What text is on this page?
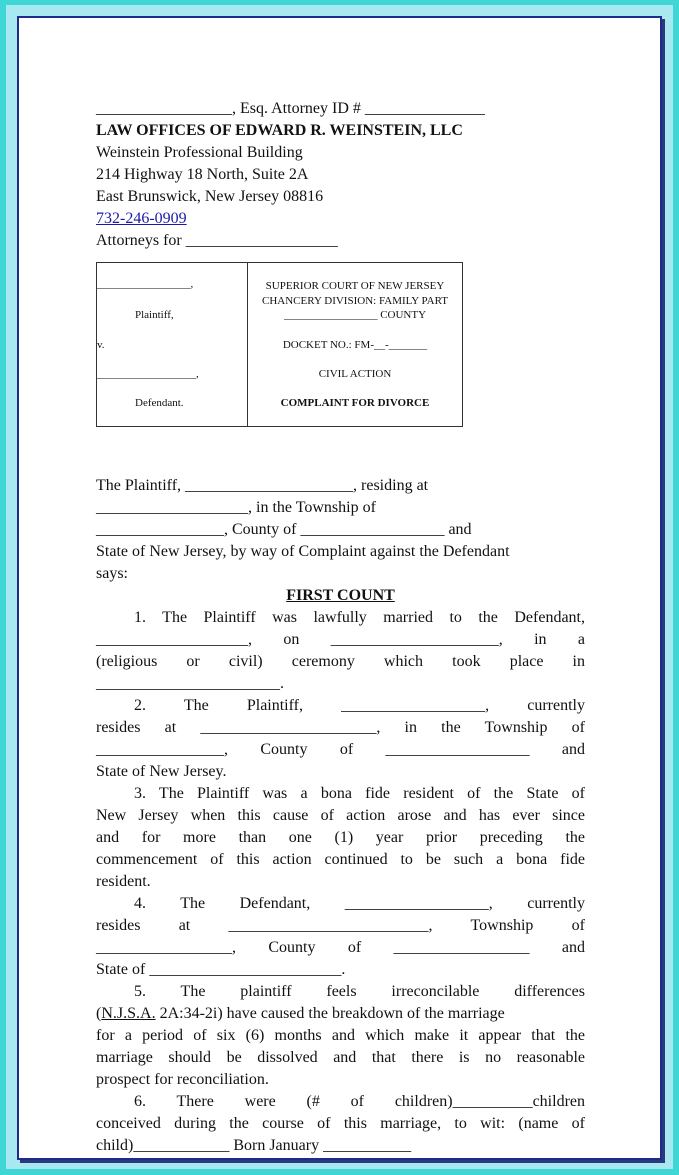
_________________, Esq. Attorney ID # _______________
LAW OFFICES OF EDWARD R. WEINSTEIN, LLC
Weinstein Professional Building
214 Highway 18 North, Suite 2A
East Brunswick, New Jersey 08816
732-246-0909
Attorneys for ___________________
_________________,
Plaintiff,
v.
__________________,
Defendant.
SUPERIOR COURT OF NEW JERSEY
CHANCERY DIVISION: FAMILY PART
_________________ COUNTY
DOCKET NO.: FM-__-_______
CIVIL ACTION
COMPLAINT FOR DIVORCE
The Plaintiff, _____________________, residing at
___________________, in the Township of
________________, County of __________________ and
State of New Jersey, by way of Complaint against the Defendant
says:
FIRST COUNT
1. The Plaintiff was lawfully married to the Defendant,
___________________, on _____________________, in a
(religious or civil) ceremony which took place in
_______________________.
2. The Plaintiff, __________________, currently
resides at ______________________, in the Township of
________________, County of __________________ and
State of New Jersey.
3. The Plaintiff was a bona fide resident of the State of
New Jersey when this cause of action arose and has ever since
and for more than one (1) year prior preceding the
commencement of this action continued to be such a bona fide
resident.
4. The Defendant, __________________, currently
resides at _________________________, Township of
_________________, County of _________________ and
State of ________________________.
5. The plaintiff feels irreconcilable differences
(N.J.S.A. 2A:34-2i) have caused the breakdown of the marriage
for a period of six (6) months and which make it appear that the
marriage should be dissolved and that there is no reasonable
prospect for reconciliation.
6. There were (# of children)__________children
conceived during the course of this marriage, to wit: (name of
child)____________ Born January ___________
